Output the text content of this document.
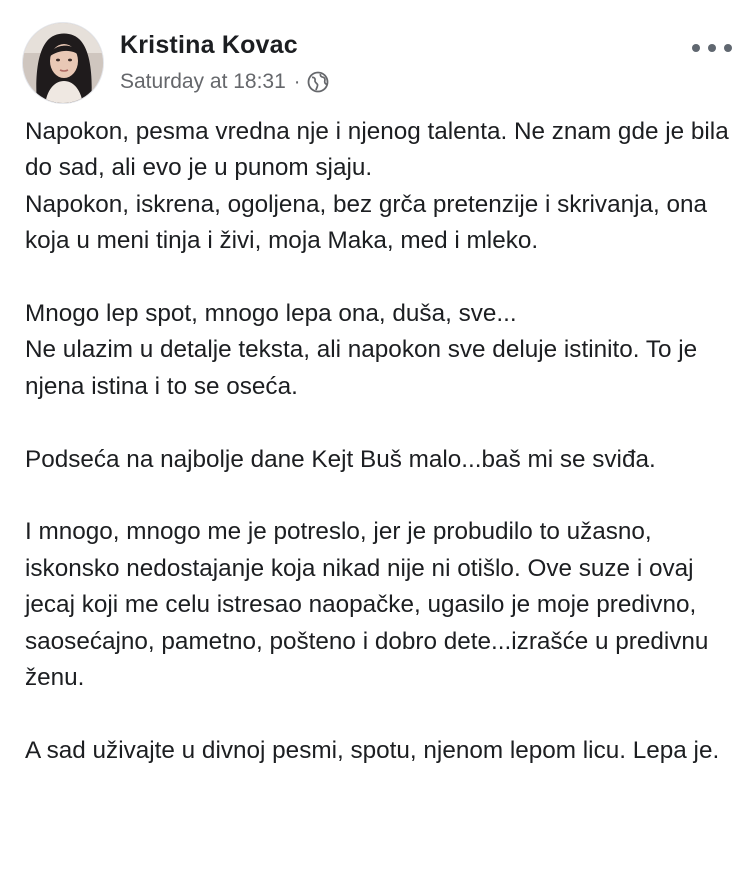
Kristina Kovac
Saturday at 18:31 ·

Napokon, pesma vredna nje i njenog talenta. Ne znam gde je bila do sad, ali evo je u punom sjaju.
Napokon, iskrena, ogoljena, bez grča pretenzije i skrivanja, ona koja u meni tinja i živi, moja Maka, med i mleko.

Mnogo lep spot, mnogo lepa ona, duša, sve...
Ne ulazim u detalje teksta, ali napokon sve deluje istinito. To je njena istina i to se oseća.

Podseća na najbolje dane Kejt Buš malo...baš mi se sviđa.

I mnogo, mnogo me je potreslo, jer je probudilo to užasno, iskonsko nedostajanje koja nikad nije ni otišlo. Ove suze i ovaj jecaj koji me celu istresao naopačke, ugasilo je moje predivno, saosećajno, pametno, pošteno i dobro dete...izrašće u predivnu ženu.

A sad uživajte u divnoj pesmi, spotu, njenom lepom licu. Lepa je.
